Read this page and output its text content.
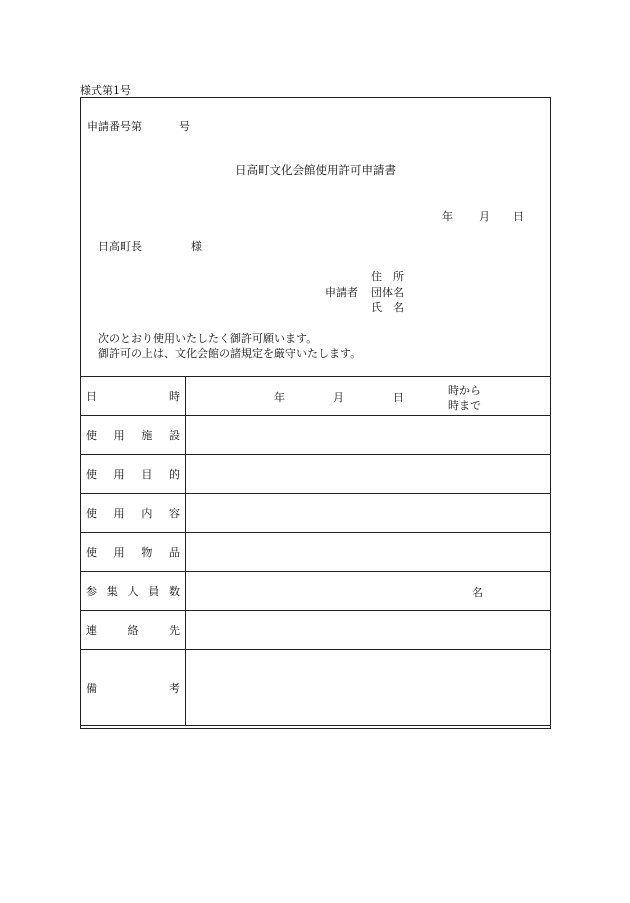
様式第1号
申請番号第	号
日高町文化会館使用許可申請書
年 月 日
日高町長	様
申請者
住　所
団体名
氏　名
次のとおり使用いたしたく御許可願います。
御許可の上は、文化会館の諸規定を厳守いたします。
日 時	年 月 日
時から
時まで

使 用 施 設	

使 用 目 的	

使 用 内 容	

使 用 物 品	

参 集 人 員 数	名

連 絡 先	

備 考	
